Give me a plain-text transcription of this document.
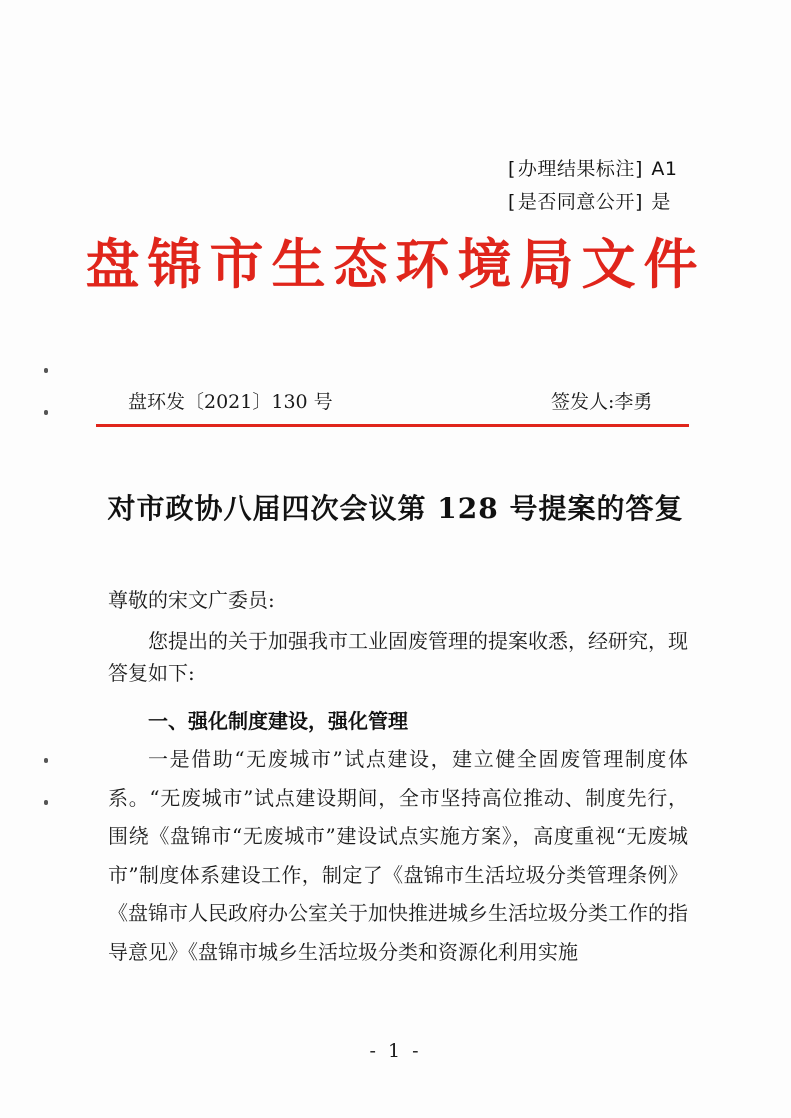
[ 办理结果标注] A1
[ 是否同意公开] 是
盘锦市生态环境局文件
盘环发〔2021〕130 号	签发人:李勇
对市政协八届四次会议第 128 号提案的答复
尊敬的宋文广委员:
您提出的关于加强我市工业固废管理的提案收悉，经研究，现答复如下:
一、强化制度建设，强化管理
一是借助“无废城市”试点建设，建立健全固废管理制度体系。“无废城市”试点建设期间，全市坚持高位推动、制度先行，围绕《盘锦市“无废城市”建设试点实施方案》，高度重视“无废城市”制度体系建设工作，制定了《盘锦市生活垃圾分类管理条例》《盘锦市人民政府办公室关于加快推进城乡生活垃圾分类工作的指导意见》《盘锦市城乡生活垃圾分类和资源化利用实施
- 1 -
